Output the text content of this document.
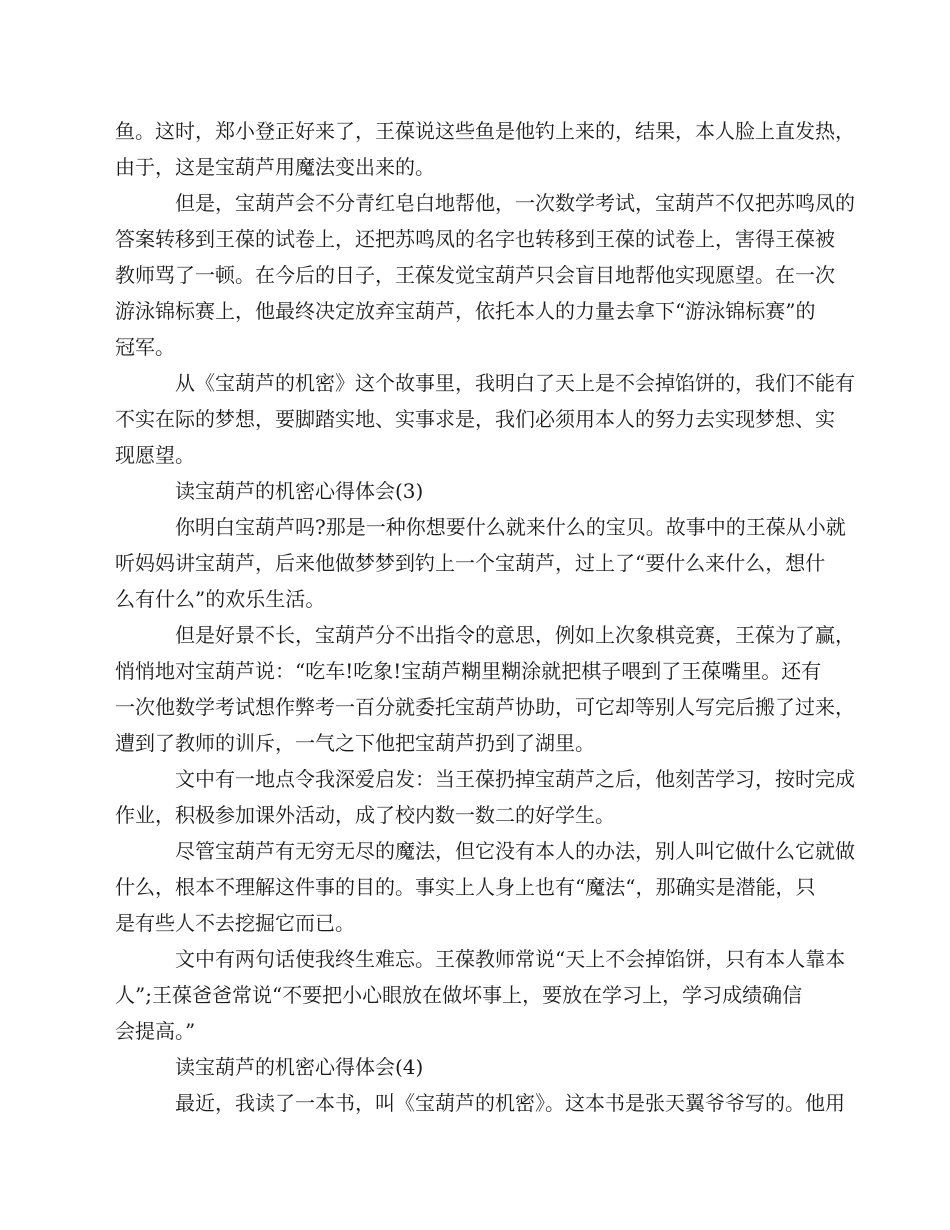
鱼。这时，郑小登正好来了，王葆说这些鱼是他钓上来的，结果，本人脸上直发热，
由于，这是宝葫芦用魔法变出来的。
但是，宝葫芦会不分青红皂白地帮他，一次数学考试，宝葫芦不仅把苏鸣凤的
答案转移到王葆的试卷上，还把苏鸣凤的名字也转移到王葆的试卷上，害得王葆被
教师骂了一顿。在今后的日子，王葆发觉宝葫芦只会盲目地帮他实现愿望。在一次
游泳锦标赛上，他最终决定放弃宝葫芦，依托本人的力量去拿下“游泳锦标赛”的
冠军。
从《宝葫芦的机密》这个故事里，我明白了天上是不会掉馅饼的，我们不能有
不实在际的梦想，要脚踏实地、实事求是，我们必须用本人的努力去实现梦想、实
现愿望。
读宝葫芦的机密心得体会(3)
你明白宝葫芦吗?那是一种你想要什么就来什么的宝贝。故事中的王葆从小就
听妈妈讲宝葫芦，后来他做梦梦到钓上一个宝葫芦，过上了“要什么来什么，想什
么有什么”的欢乐生活。
但是好景不长，宝葫芦分不出指令的意思，例如上次象棋竞赛，王葆为了赢，
悄悄地对宝葫芦说：“吃车!吃象!宝葫芦糊里糊涂就把棋子喂到了王葆嘴里。还有
一次他数学考试想作弊考一百分就委托宝葫芦协助，可它却等别人写完后搬了过来，
遭到了教师的训斥，一气之下他把宝葫芦扔到了湖里。
文中有一地点令我深爱启发：当王葆扔掉宝葫芦之后，他刻苦学习，按时完成
作业，积极参加课外活动，成了校内数一数二的好学生。
尽管宝葫芦有无穷无尽的魔法，但它没有本人的办法，别人叫它做什么它就做
什么，根本不理解这件事的目的。事实上人身上也有“魔法“，那确实是潜能，只
是有些人不去挖掘它而已。
文中有两句话使我终生难忘。王葆教师常说“天上不会掉馅饼，只有本人靠本
人”;王葆爸爸常说“不要把小心眼放在做坏事上，要放在学习上，学习成绩确信
会提高。”
读宝葫芦的机密心得体会(4)
最近，我读了一本书，叫《宝葫芦的机密》。这本书是张天翼爷爷写的。他用
